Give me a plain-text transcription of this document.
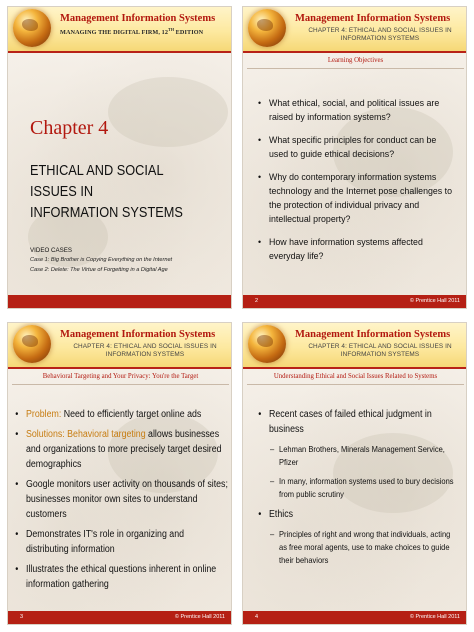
Management Information Systems
MANAGING THE DIGITAL FIRM, 12TH EDITION
Chapter 4
ETHICAL AND SOCIAL ISSUES IN
INFORMATION SYSTEMS
VIDEO CASES
Case 1: Big Brother is Copying Everything on the Internet
Case 2: Delete: The Virtue of Forgetting in a Digital Age
Management Information Systems
CHAPTER 4: ETHICAL AND SOCIAL ISSUES IN
INFORMATION SYSTEMS
Learning Objectives
• What ethical, social, and political issues are raised by information systems?
• What specific principles for conduct can be used to guide ethical decisions?
• Why do contemporary information systems technology and the Internet pose challenges to the protection of individual privacy and intellectual property?
• How have information systems affected everyday life?
2	© Prentice Hall 2011
Management Information Systems
CHAPTER 4: ETHICAL AND SOCIAL ISSUES IN
INFORMATION SYSTEMS
Behavioral Targeting and Your Privacy: You're the Target
• Problem: Need to efficiently target online ads
• Solutions: Behavioral targeting allows businesses and organizations to more precisely target desired demographics
• Google monitors user activity on thousands of sites; businesses monitor own sites to understand customers
• Demonstrates IT's role in organizing and distributing information
• Illustrates the ethical questions inherent in online information gathering
3	© Prentice Hall 2011
Management Information Systems
CHAPTER 4: ETHICAL AND SOCIAL ISSUES IN
INFORMATION SYSTEMS
Understanding Ethical and Social Issues Related to Systems
• Recent cases of failed ethical judgment in business
– Lehman Brothers, Minerals Management Service, Pfizer
– In many, information systems used to bury decisions from public scrutiny
• Ethics
– Principles of right and wrong that individuals, acting as free moral agents, use to make choices to guide their behaviors
4	© Prentice Hall 2011
